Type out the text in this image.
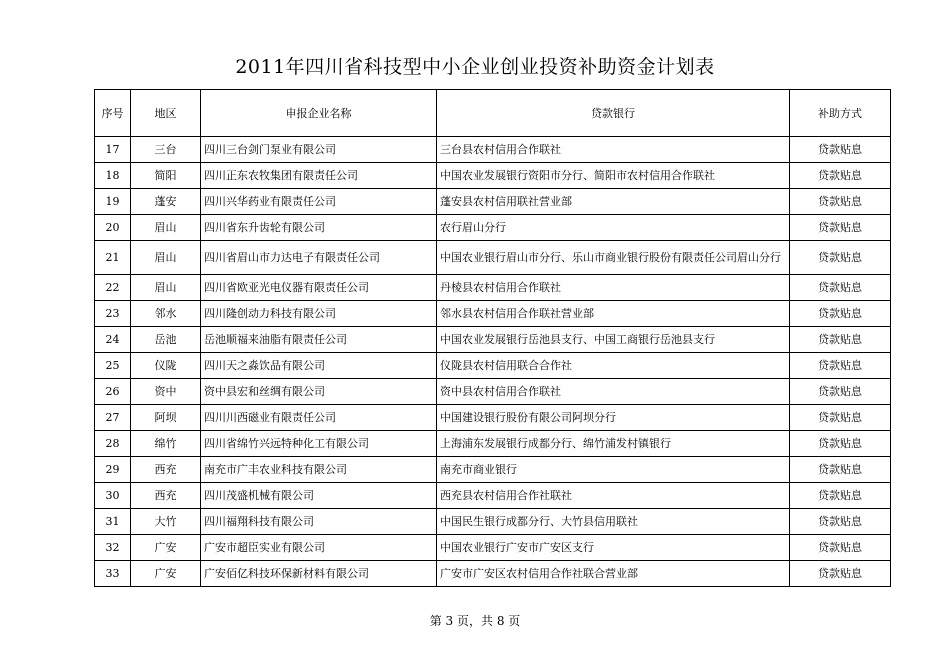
2011年四川省科技型中小企业创业投资补助资金计划表
序号	地区	申报企业名称	贷款银行	补助方式
17	三台	四川三台剑门泵业有限公司	三台县农村信用合作联社	贷款贴息
18	简阳	四川正东农牧集团有限责任公司	中国农业发展银行资阳市分行、简阳市农村信用合作联社	贷款贴息
19	蓬安	四川兴华药业有限责任公司	蓬安县农村信用联社营业部	贷款贴息
20	眉山	四川省东升齿轮有限公司	农行眉山分行	贷款贴息
21	眉山	四川省眉山市力达电子有限责任公司	中国农业银行眉山市分行、乐山市商业银行股份有限责任公司眉山分行	贷款贴息
22	眉山	四川省欧亚光电仪器有限责任公司	丹棱县农村信用合作联社	贷款贴息
23	邻水	四川隆创动力科技有限公司	邻水县农村信用合作联社营业部	贷款贴息
24	岳池	岳池顺福来油脂有限责任公司	中国农业发展银行岳池县支行、中国工商银行岳池县支行	贷款贴息
25	仪陇	四川天之淼饮品有限公司	仪陇县农村信用联合合作社	贷款贴息
26	资中	资中县宏和丝绸有限公司	资中县农村信用合作联社	贷款贴息
27	阿坝	四川川西磁业有限责任公司	中国建设银行股份有限公司阿坝分行	贷款贴息
28	绵竹	四川省绵竹兴远特种化工有限公司	上海浦东发展银行成都分行、绵竹浦发村镇银行	贷款贴息
29	西充	南充市广丰农业科技有限公司	南充市商业银行	贷款贴息
30	西充	四川茂盛机械有限公司	西充县农村信用合作社联社	贷款贴息
31	大竹	四川福翔科技有限公司	中国民生银行成都分行、大竹县信用联社	贷款贴息
32	广安	广安市超臣实业有限公司	中国农业银行广安市广安区支行	贷款贴息
33	广安	广安佰亿科技环保新材料有限公司	广安市广安区农村信用合作社联合营业部	贷款贴息
第 3 页，共 8 页
